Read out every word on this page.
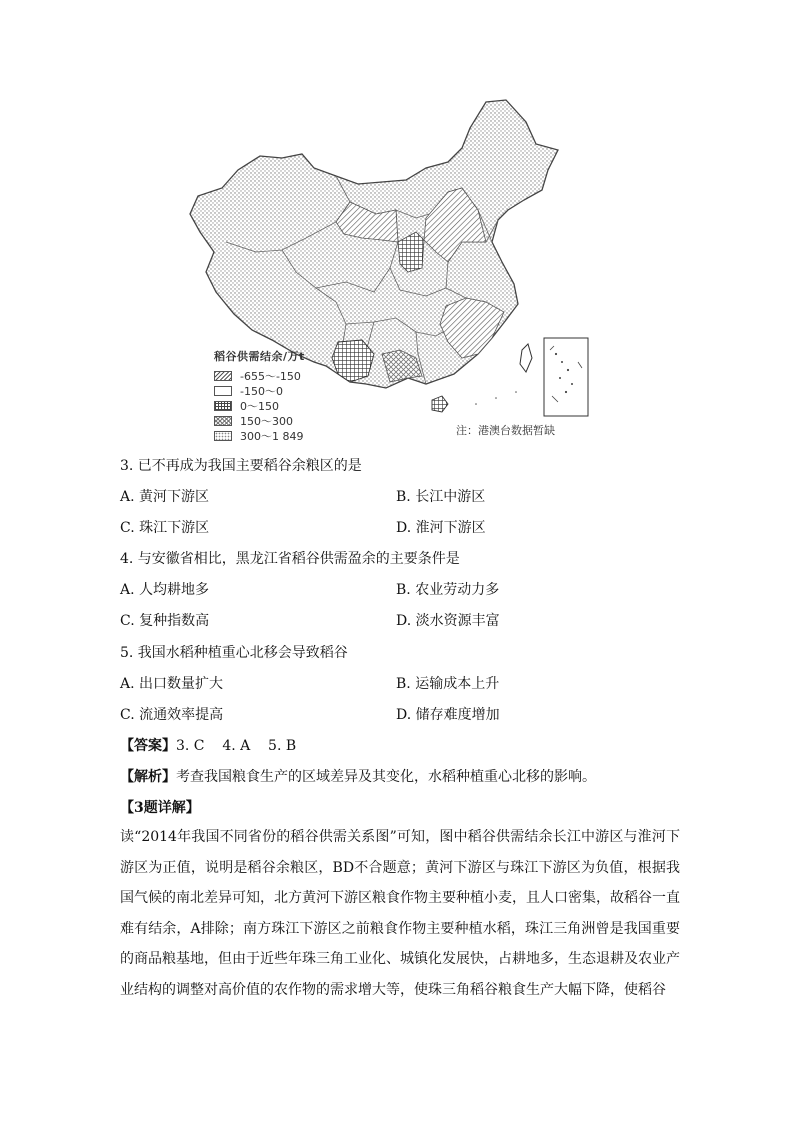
稻谷供需结余/万t
-655～-150
-150～0
0～150
150～300
300～1 849	注：港澳台数据暂缺
3. 已不再成为我国主要稻谷余粮区的是
A. 黄河下游区	B. 长江中游区
C. 珠江下游区	D. 淮河下游区
4. 与安徽省相比，黑龙江省稻谷供需盈余的主要条件是
A. 人均耕地多	B. 农业劳动力多
C. 复种指数高	D. 淡水资源丰富
5. 我国水稻种植重心北移会导致稻谷
A. 出口数量扩大	B. 运输成本上升
C. 流通效率提高	D. 储存难度增加
【答案】3. C    4. A    5. B
【解析】考查我国粮食生产的区域差异及其变化，水稻种植重心北移的影响。
【3题详解】
读“2014年我国不同省份的稻谷供需关系图”可知，图中稻谷供需结余长江中游区与淮河下游区为正值，说明是稻谷余粮区，BD不合题意；黄河下游区与珠江下游区为负值，根据我国气候的南北差异可知，北方黄河下游区粮食作物主要种植小麦，且人口密集，故稻谷一直难有结余，A排除；南方珠江下游区之前粮食作物主要种植水稻，珠江三角洲曾是我国重要的商品粮基地，但由于近些年珠三角工业化、城镇化发展快，占耕地多，生态退耕及农业产业结构的调整对高价值的农作物的需求增大等，使珠三角稻谷粮食生产大幅下降，使稻谷
